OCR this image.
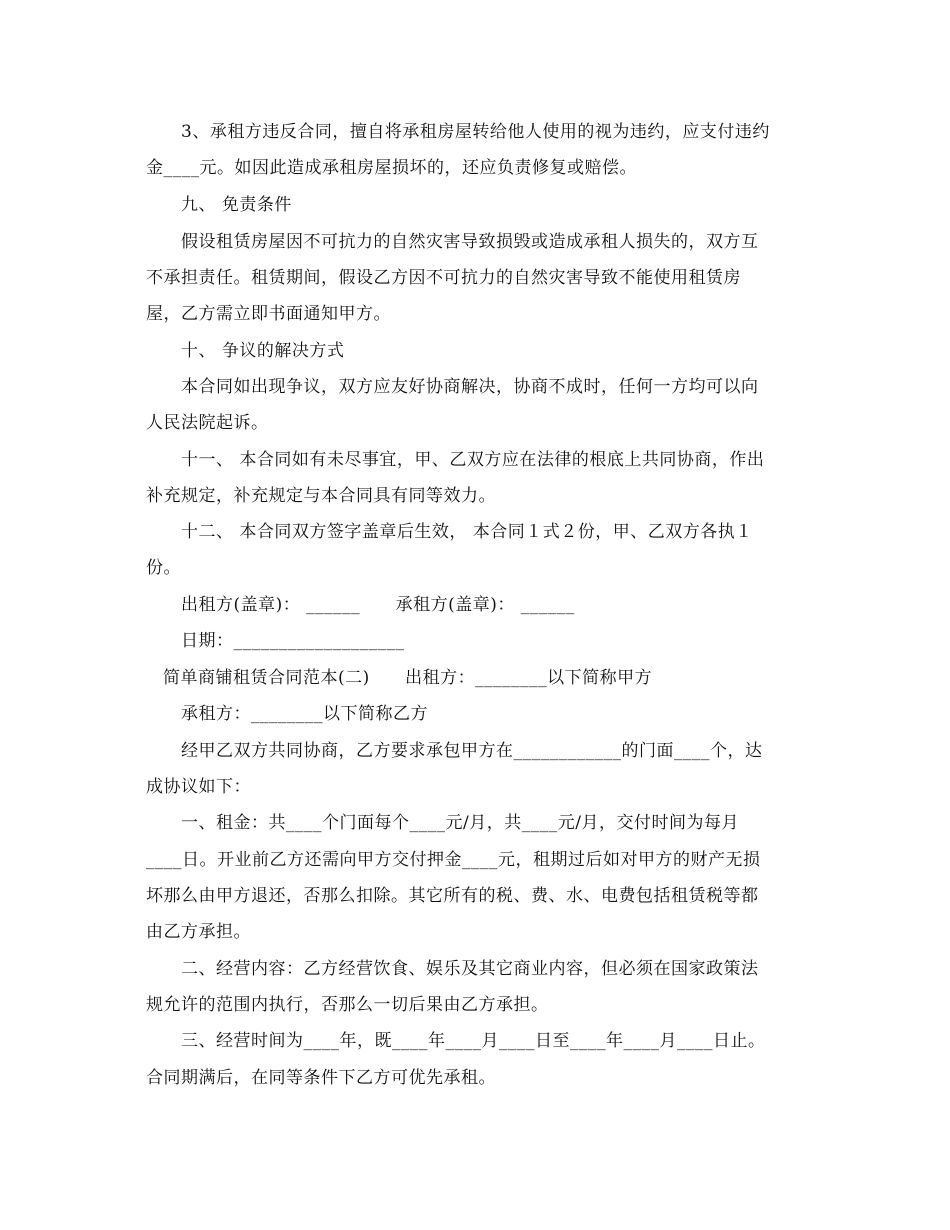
3、承租方违反合同，擅自将承租房屋转给他人使用的视为违约，应支付违约
金____元。如因此造成承租房屋损坏的，还应负责修复或赔偿。
九、 免责条件
假设租赁房屋因不可抗力的自然灾害导致损毁或造成承租人损失的，双方互
不承担责任。租赁期间，假设乙方因不可抗力的自然灾害导致不能使用租赁房
屋，乙方需立即书面通知甲方。
十、 争议的解决方式
本合同如出现争议，双方应友好协商解决，协商不成时，任何一方均可以向
人民法院起诉。
十一、 本合同如有未尽事宜，甲、乙双方应在法律的根底上共同协商，作出
补充规定，补充规定与本合同具有同等效力。
十二、 本合同双方签字盖章后生效， 本合同１式２份，甲、乙双方各执１
份。
出租方(盖章)： ______      承租方(盖章)： ______
日期：___________________
简单商铺租赁合同范本(二)      出租方：________以下简称甲方
承租方：________以下简称乙方
经甲乙双方共同协商，乙方要求承包甲方在____________的门面____个，达
成协议如下：
一、租金：共____个门面每个____元/月，共____元/月，交付时间为每月
____日。开业前乙方还需向甲方交付押金____元，租期过后如对甲方的财产无损
坏那么由甲方退还，否那么扣除。其它所有的税、费、水、电费包括租赁税等都
由乙方承担。
二、经营内容：乙方经营饮食、娱乐及其它商业内容，但必须在国家政策法
规允许的范围内执行，否那么一切后果由乙方承担。
三、经营时间为____年，既____年____月____日至____年____月____日止。
合同期满后，在同等条件下乙方可优先承租。
